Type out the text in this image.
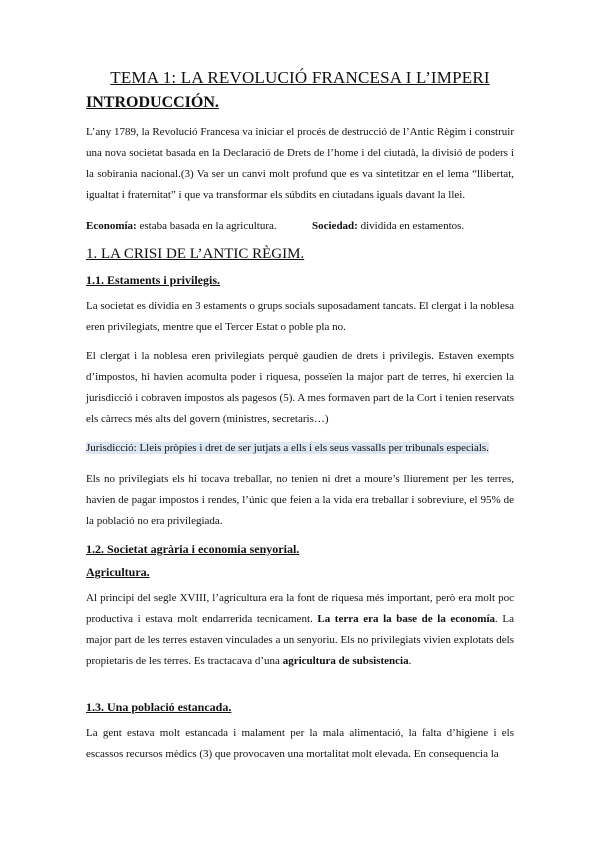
TEMA 1: LA REVOLUCIÓ FRANCESA I L’IMPERI
INTRODUCCIÓN.

L’any 1789, la Revolució Francesa va iniciar el procés de destrucció de l’Antic Règim i construir una nova societat basada en la Declaració de Drets de l’home i del ciutadà, la divisió de poders i la sobirania nacional.(3) Va ser un canvi molt profund que es va sintetitzar en el lema “llibertat, igualtat i fraternitat” i que va transformar els súbdits en ciutadans iguals davant la llei.

Economía: estaba basada en la agricultura.	Sociedad: dividida en estamentos.
1. LA CRISI DE L’ANTIC RÈGIM.
1.1. Estaments i privilegis.

La societat es dividia en 3 estaments o grups socials suposadament tancats. El clergat i la noblesa eren privilegiats, mentre que el Tercer Estat o poble pla no.

El clergat i la noblesa eren privilegiats perquè gaudien de drets i privilegis. Estaven exempts d’impostos, hi havien acomulta poder i riquesa, posseïen la major part de terres, hi exercien la jurisdicció i cobraven impostos als pagesos (5). A mes formaven part de la Cort i tenien reservats els càrrecs més alts del govern (ministres, secretaris…)

Jurisdicció: Lleis pròpies i dret de ser jutjats a ells i els seus vassalls per tribunals especials.

Els no privilegiats els hi tocava treballar, no tenien ni dret a moure’s lliurement per les terres, havien de pagar impostos i rendes, l’únic que feien a la vida era treballar i sobreviure, el 95% de la població no era privilegiada.

1.2. Societat agrària i economia senyorial.
Agricultura.

Al principi del segle XVIII, l’agricultura era la font de riquesa més important, però era molt poc productiva i estava molt endarrerida tecnicament. La terra era la base de la economía. La major part de les terres estaven vinculades a un senyoriu. Els no privilegiats vivien explotats dels propietaris de les terres. Es tractacava d’una agricultura de subsistencia.

1.3. Una població estancada.

La gent estava molt estancada i malament per la mala alimentació, la falta d’higiene i els escassos recursos mèdics (3) que provocaven una mortalitat molt elevada. En consequencia la
